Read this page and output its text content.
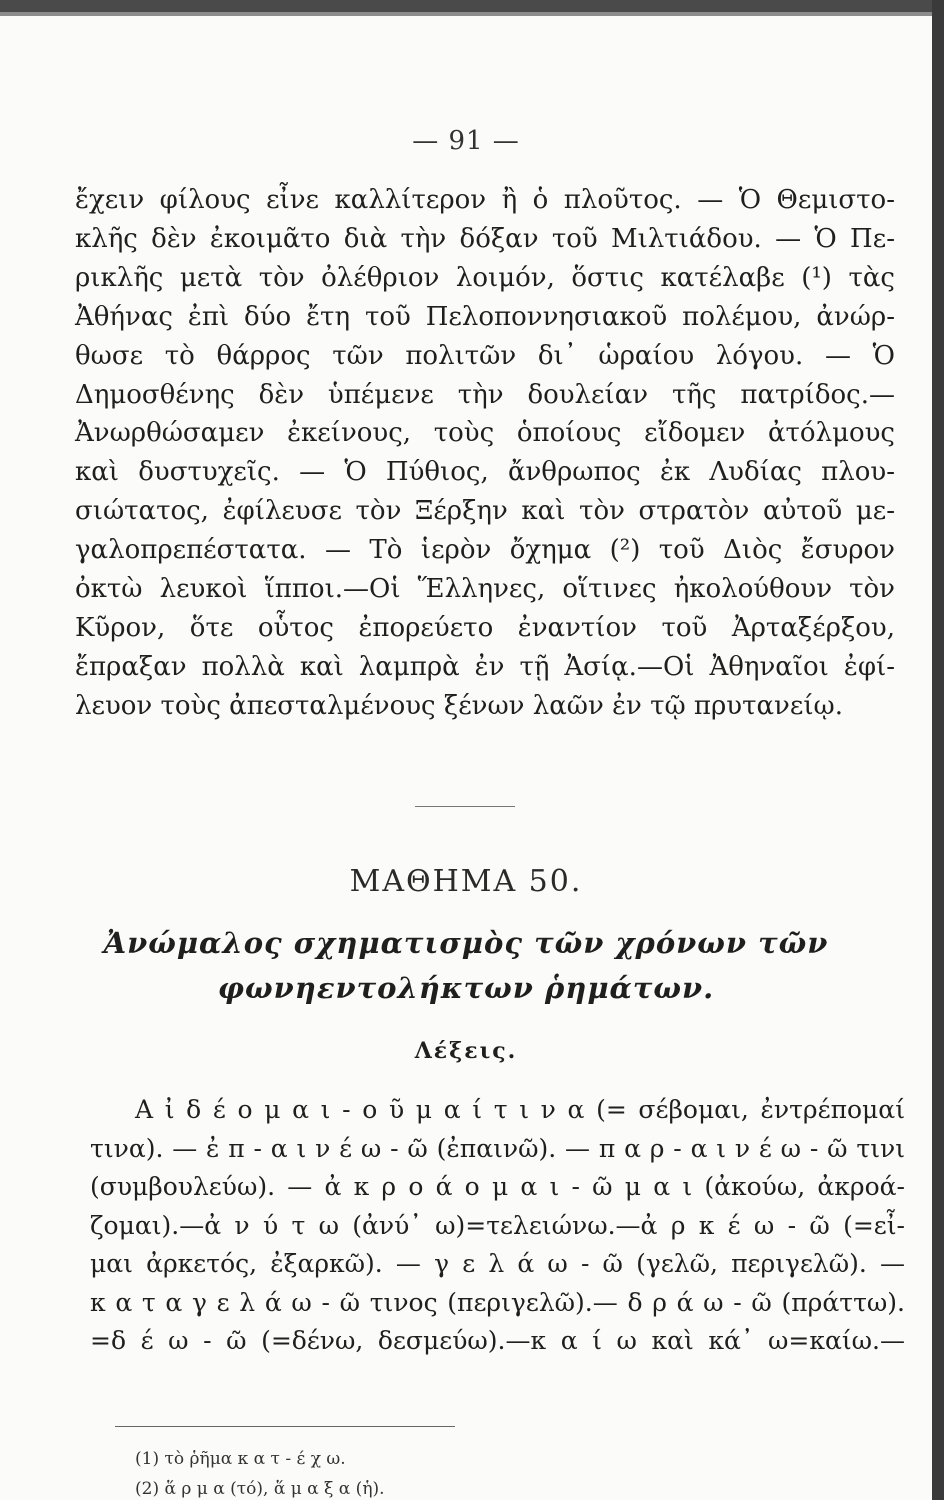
— 91 —
ἔχειν φίλους εἶνε καλλίτερον ἢ ὁ πλοῦτος. — Ὁ Θεμιστο-
κλῆς δὲν ἐκοιμᾶτο διὰ τὴν δόξαν τοῦ Μιλτιάδου. — Ὁ Πε-
ρικλῆς μετὰ τὸν ὀλέθριον λοιμόν, ὅστις κατέλαβε (¹) τὰς
Ἀθήνας ἐπὶ δύο ἔτη τοῦ Πελοποννησιακοῦ πολέμου, ἀνώρ-
θωσε τὸ θάρρος τῶν πολιτῶν δι᾽ ὡραίου λόγου. — Ὁ
Δημοσθένης δὲν ὑπέμενε τὴν δουλείαν τῆς πατρίδος.—
Ἀνωρθώσαμεν ἐκείνους, τοὺς ὁποίους εἴδομεν ἀτόλμους
καὶ δυστυχεῖς. — Ὁ Πύθιος, ἄνθρωπος ἐκ Λυδίας πλου-
σιώτατος, ἐφίλευσε τὸν Ξέρξην καὶ τὸν στρατὸν αὐτοῦ με-
γαλοπρεπέστατα. — Τὸ ἱερὸν ὄχημα (²) τοῦ Διὸς ἔσυρον
ὀκτὼ λευκοὶ ἵπποι.—Οἱ Ἕλληνες, οἵτινες ἠκολούθουν τὸν
Κῦρον, ὅτε οὗτος ἐπορεύετο ἐναντίον τοῦ Ἀρταξέρξου,
ἔπραξαν πολλὰ καὶ λαμπρὰ ἐν τῇ Ἀσίᾳ.—Οἱ Ἀθηναῖοι ἐφί-
λευον τοὺς ἀπεσταλμένους ξένων λαῶν ἐν τῷ πρυτανείῳ.
ΜΑΘΗΜΑ 50.
Ἀνώμαλος σχηματισμὸς τῶν χρόνων τῶν
φωνηεντολήκτων ῥημάτων.
Λέξεις.
Α ἰ δ έ ο μ α ι - ο ῦ μ α ί τ ι ν α (= σέβομαι, ἐντρέπομαί
τινα). — ἐ π - α ι ν έ ω - ῶ (ἐπαινῶ). — π α ρ - α ι ν έ ω - ῶ τινι
(συμβουλεύω). — ἀ κ ρ ο ά ο μ α ι - ῶ μ α ι (ἀκούω, ἀκροά-
ζομαι).—ἀ ν ύ τ ω (ἀνύ᾽ ω)=τελειώνω.—ἀ ρ κ έ ω - ῶ (=εἶ-
μαι ἀρκετός, ἐξαρκῶ). — γ ε λ ά ω - ῶ (γελῶ, περιγελῶ). —
κ α τ α γ ε λ ά ω - ῶ τινος (περιγελῶ).— δ ρ ά ω - ῶ (πράττω).
=δ έ ω - ῶ (=δένω, δεσμεύω).—κ α ί ω καὶ κά᾽ ω=καίω.—
(1) τὸ ῥῆμα κ α τ - έ χ ω.
(2) ἅ ρ μ α (τό), ἅ μ α ξ α (ἡ).
